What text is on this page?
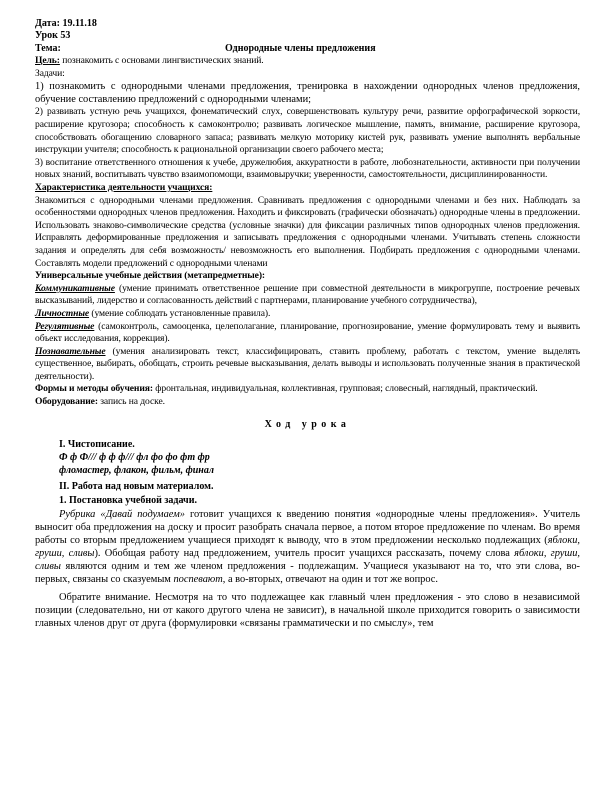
Дата: 19.11.18

Урок 53

Тема:	Однородные члены предложения

Цель: познакомить с основами лингвистических знаний.

Задачи:

1) познакомить с однородными членами предложения, тренировка в нахождении однородных членов предложения, обучение составлению предложений с однородными членами;

2) развивать устную речь учащихся, фонематический слух, совершенствовать культуру речи, развитие орфографической зоркости, расширение кругозора; способность к самоконтролю; развивать логическое мышление, память, внимание, расширение кругозора, способствовать обогащению словарного запаса; развивать мелкую моторику кистей рук, развивать умение выполнять вербальные инструкции учителя; способность к рациональной организации своего рабочего места;

3) воспитание ответственного отношения к учебе, дружелюбия, аккуратности в работе, любознательности, активности при получении новых знаний, воспитывать чувство взаимопомощи, взаимовыручки; уверенности, самостоятельности, дисциплинированности.

Характеристика деятельности учащихся:

Знакомиться с однородными членами предложения. Сравнивать предложения с однородными членами и без них. Наблюдать за особенностями однородных членов предложения. Находить и фиксировать (графически обозначать) однородные члены в предложении. Использовать знаково-символические средства (условные значки) для фиксации различных типов однородных членов предложения. Исправлять деформированные предложения и записывать предложения с однородными членами. Учитывать степень сложности задания и определять для себя возможность/ невозможность его выполнения. Подбирать предложения с однородными членами. Составлять модели предложений с однородными членами

Универсальные учебные действия (метапредметные):

Коммуникативные (умение принимать ответственное решение при совместной деятельности в микрогруппе, построение речевых высказываний, лидерство и согласованность действий с партнерами, планирование учебного сотрудничества),

Личностные (умение соблюдать установленные правила).

Регулятивные (самоконтроль, самооценка, целеполагание, планирование, прогнозирование, умение формулировать тему и выявить объект исследования, коррекция).

Познавательные (умения анализировать текст, классифицировать, ставить проблему, работать с текстом, умение выделять существенное, выбирать, обобщать, строить речевые высказывания, делать выводы и использовать полученные знания в практической деятельности).

Формы и методы обучения: фронтальная, индивидуальная, коллективная, групповая; словесный, наглядный, практический.

Оборудование: запись на доске.

Ход урока

I. Чистописание.

Ф ф Ф/// ф ф ф/// фл фо фо фт фр

фломастер, флакон, фильм, финал

II. Работа над новым материалом.

1. Постановка учебной задачи.

Рубрика «Давай подумаем» готовит учащихся к введению понятия «однородные члены предложения». Учитель выносит оба предложения на доску и просит разобрать сначала первое, а потом второе предложение по членам. Во время работы со вторым предложением учащиеся приходят к выводу, что в этом предложении несколько подлежащих (яблоки, груши, сливы). Обобщая работу над предложением, учитель просит учащихся рассказать, почему слова яблоки, груши, сливы являются одним и тем же членом предложения - подлежащим. Учащиеся указывают на то, что эти слова, во-первых, связаны со сказуемым поспевают, а во-вторых, отвечают на один и тот же вопрос.

Обратите внимание. Несмотря на то что подлежащее как главный член предложения - это слово в независимой позиции (следовательно, ни от какого другого члена не зависит), в начальной школе приходится говорить о зависимости главных членов друг от друга (формулировки «связаны грамматически и по смыслу», тем
